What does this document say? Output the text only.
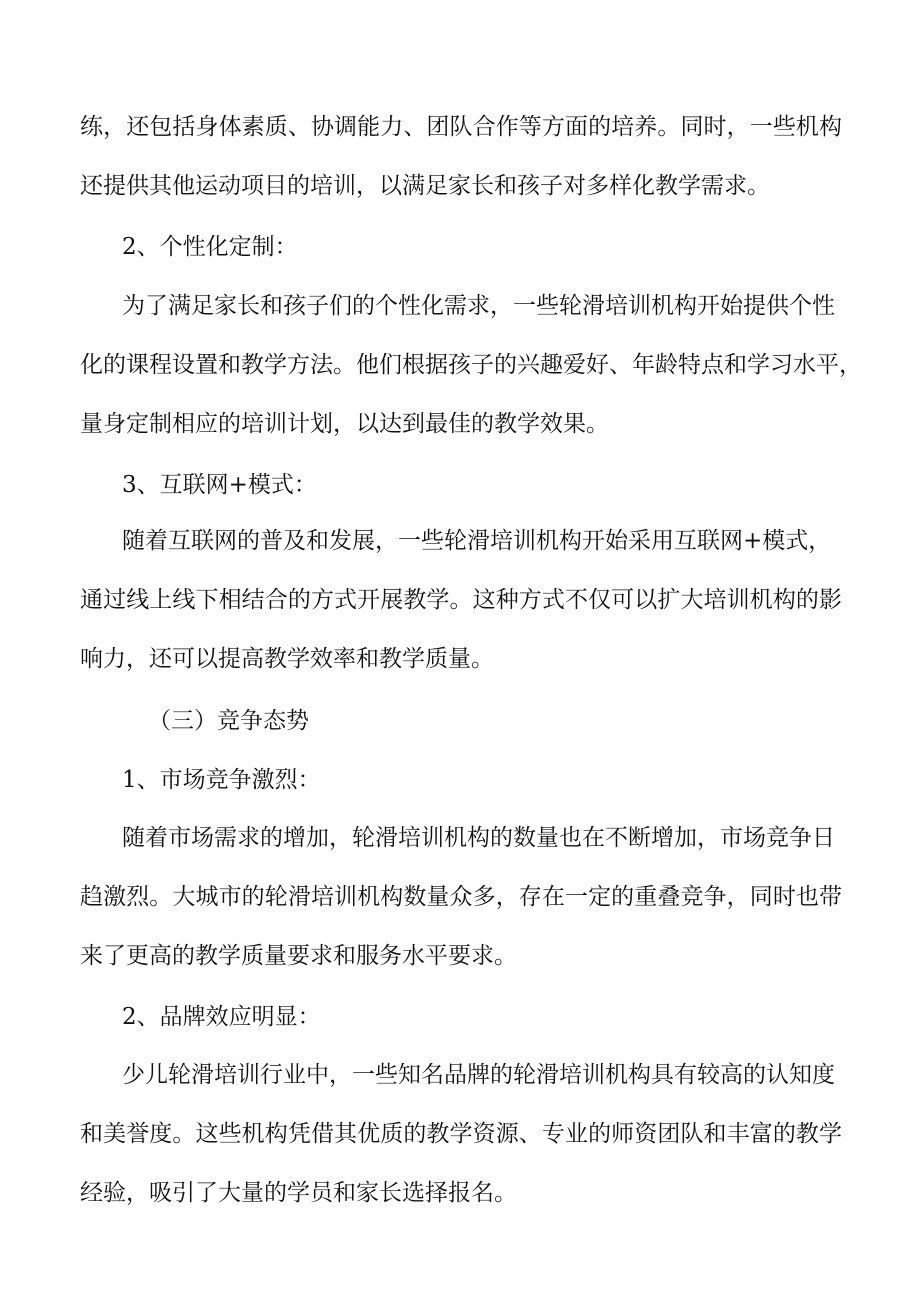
练，还包括身体素质、协调能力、团队合作等方面的培养。同时，一些机构

还提供其他运动项目的培训，以满足家长和孩子对多样化教学需求。

2、个性化定制：

为了满足家长和孩子们的个性化需求，一些轮滑培训机构开始提供个性

化的课程设置和教学方法。他们根据孩子的兴趣爱好、年龄特点和学习水平，

量身定制相应的培训计划，以达到最佳的教学效果。

3、互联网+模式：

随着互联网的普及和发展，一些轮滑培训机构开始采用互联网+模式，

通过线上线下相结合的方式开展教学。这种方式不仅可以扩大培训机构的影

响力，还可以提高教学效率和教学质量。

（三）竞争态势
1、市场竞争激烈：

随着市场需求的增加，轮滑培训机构的数量也在不断增加，市场竞争日

趋激烈。大城市的轮滑培训机构数量众多，存在一定的重叠竞争，同时也带

来了更高的教学质量要求和服务水平要求。

2、品牌效应明显：

少儿轮滑培训行业中，一些知名品牌的轮滑培训机构具有较高的认知度

和美誉度。这些机构凭借其优质的教学资源、专业的师资团队和丰富的教学

经验，吸引了大量的学员和家长选择报名。
